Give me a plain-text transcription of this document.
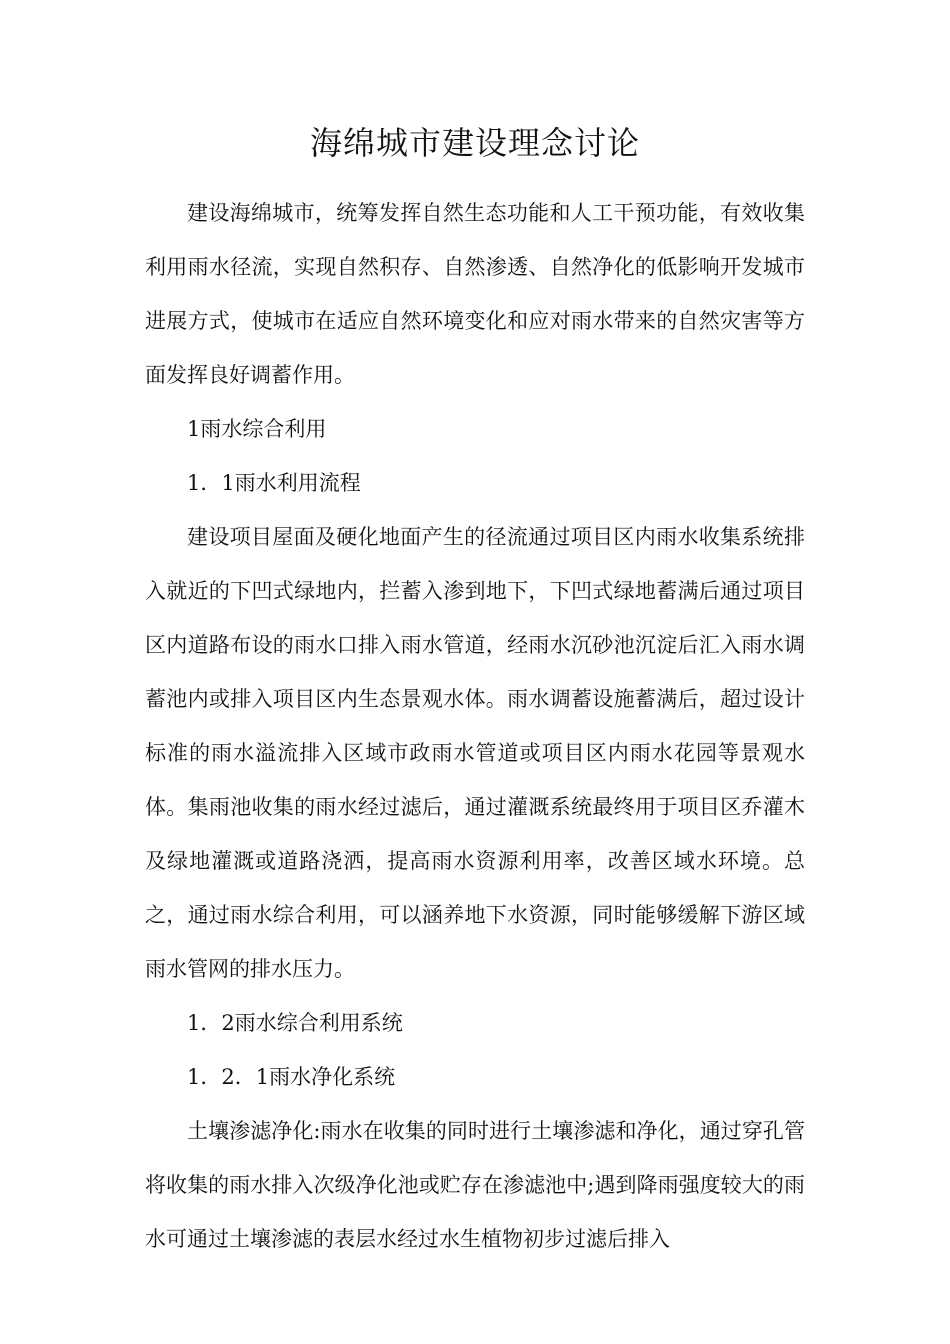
海绵城市建设理念讨论

建设海绵城市，统筹发挥自然生态功能和人工干预功能，有效收集利用雨水径流，实现自然积存、自然渗透、自然净化的低影响开发城市进展方式，使城市在适应自然环境变化和应对雨水带来的自然灾害等方面发挥良好调蓄作用。

1雨水综合利用

1．1雨水利用流程

建设项目屋面及硬化地面产生的径流通过项目区内雨水收集系统排入就近的下凹式绿地内，拦蓄入渗到地下，下凹式绿地蓄满后通过项目区内道路布设的雨水口排入雨水管道，经雨水沉砂池沉淀后汇入雨水调蓄池内或排入项目区内生态景观水体。雨水调蓄设施蓄满后，超过设计标准的雨水溢流排入区域市政雨水管道或项目区内雨水花园等景观水体。集雨池收集的雨水经过滤后，通过灌溉系统最终用于项目区乔灌木及绿地灌溉或道路浇洒，提高雨水资源利用率，改善区域水环境。总之，通过雨水综合利用，可以涵养地下水资源，同时能够缓解下游区域雨水管网的排水压力。

1．2雨水综合利用系统

1．2．1雨水净化系统

土壤渗滤净化:雨水在收集的同时进行土壤渗滤和净化，通过穿孔管将收集的雨水排入次级净化池或贮存在渗滤池中;遇到降雨强度较大的雨水可通过土壤渗滤的表层水经过水生植物初步过滤后排入
